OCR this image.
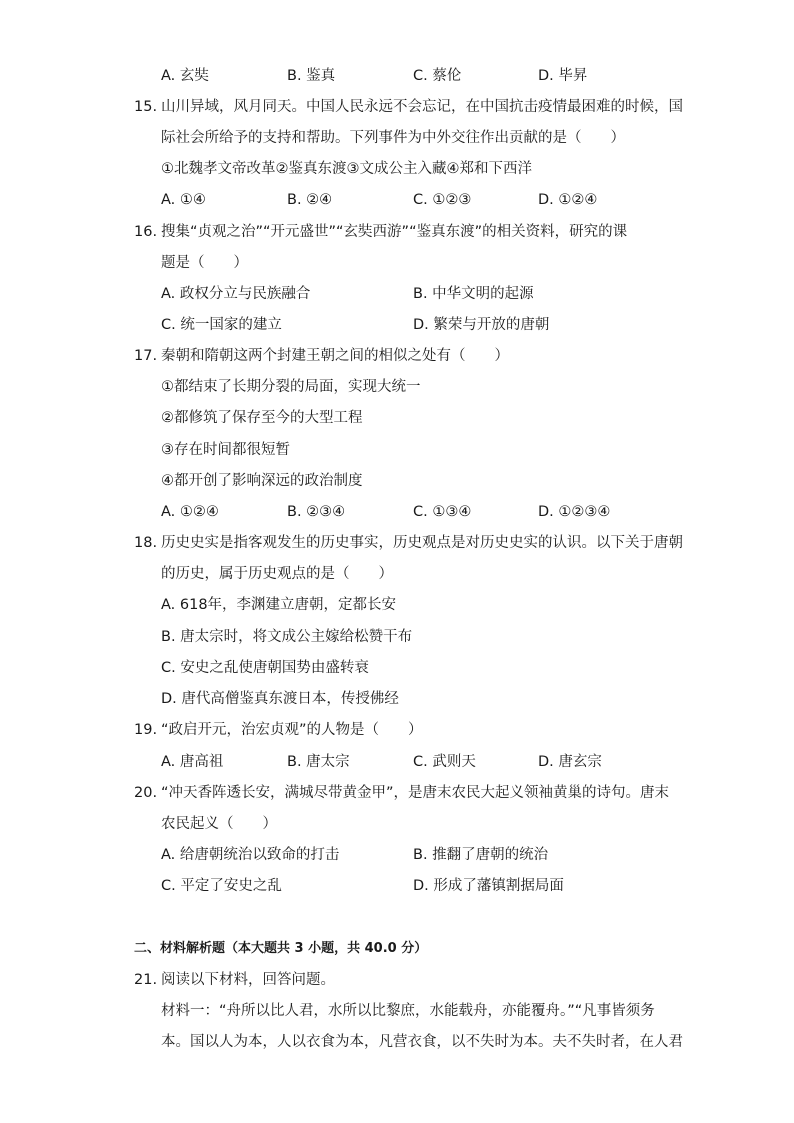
A. 玄奘	B. 鉴真	C. 蔡伦	D. 毕昇
15. 山川异域，风月同天。中国人民永远不会忘记，在中国抗击疫情最困难的时候，国
际社会所给予的支持和帮助。下列事件为中外交往作出贡献的是（　　）
①北魏孝文帝改革②鉴真东渡③文成公主入藏④郑和下西洋
A. ①④	B. ②④	C. ①②③	D. ①②④
16. 搜集“贞观之治”“开元盛世”“玄奘西游”“鉴真东渡”的相关资料，研究的课
题是（　　）
A. 政权分立与民族融合	B. 中华文明的起源
C. 统一国家的建立	D. 繁荣与开放的唐朝
17. 秦朝和隋朝这两个封建王朝之间的相似之处有（　　）
①都结束了长期分裂的局面，实现大统一
②都修筑了保存至今的大型工程
③存在时间都很短暂
④都开创了影响深远的政治制度
A. ①②④	B. ②③④	C. ①③④	D. ①②③④
18. 历史史实是指客观发生的历史事实，历史观点是对历史史实的认识。以下关于唐朝
的历史，属于历史观点的是（　　）
A. 618年，李渊建立唐朝，定都长安
B. 唐太宗时，将文成公主嫁给松赞干布
C. 安史之乱使唐朝国势由盛转衰
D. 唐代高僧鉴真东渡日本，传授佛经
19. “政启开元，治宏贞观”的人物是（　　）
A. 唐高祖	B. 唐太宗	C. 武则天	D. 唐玄宗
20. “冲天香阵透长安，满城尽带黄金甲”，是唐末农民大起义领袖黄巢的诗句。唐末
农民起义（　　）
A. 给唐朝统治以致命的打击	B. 推翻了唐朝的统治
C. 平定了安史之乱	D. 形成了藩镇割据局面
二、材料解析题（本大题共 3 小题，共 40.0 分）
21. 阅读以下材料，回答问题。
材料一：“舟所以比人君，水所以比黎庶，水能载舟，亦能覆舟。”“凡事皆须务
本。国以人为本，人以衣食为本，凡营衣食，以不失时为本。夫不失时者，在人君
